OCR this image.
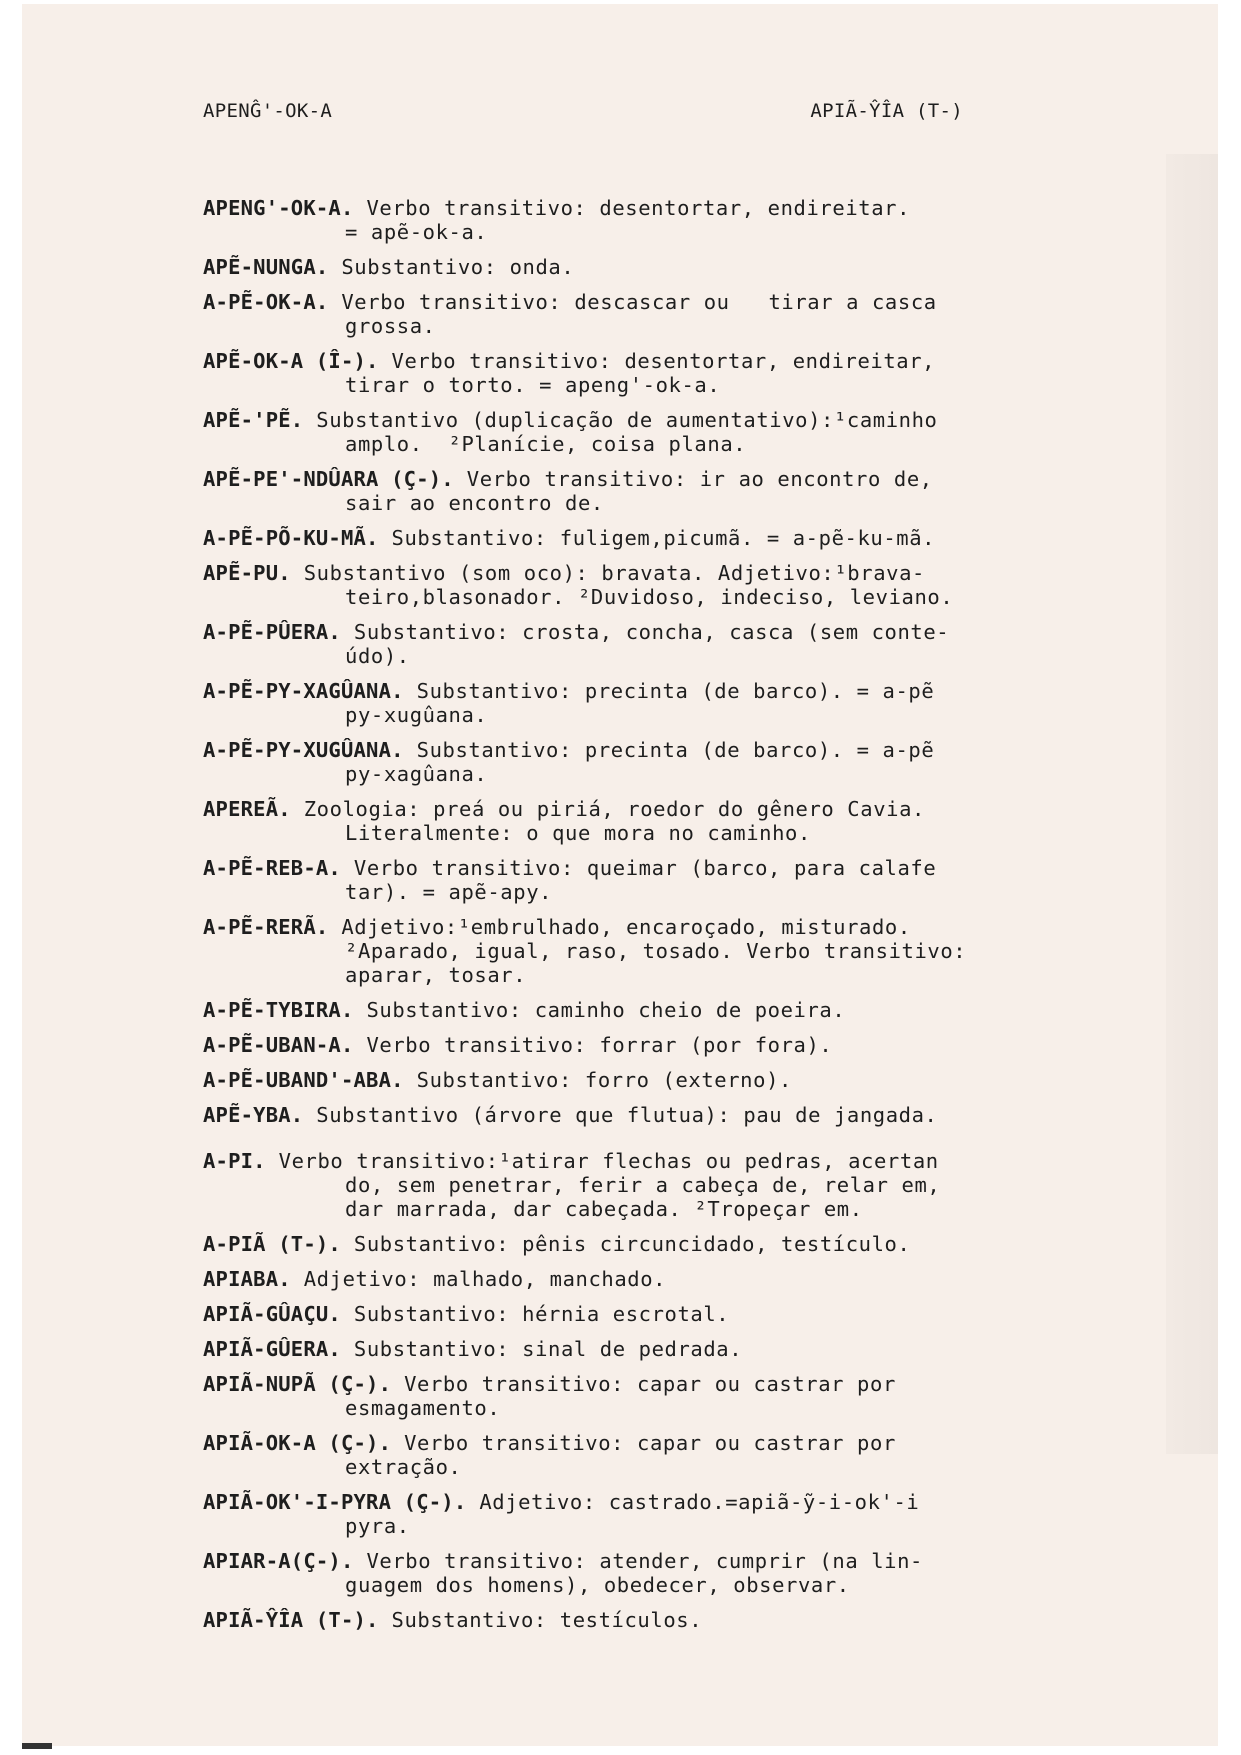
APENĜ'-OK-A	APIÃ-ŶÎA (T-)
APENG'-OK-A. Verbo transitivo: desentortar, endireitar.
= apẽ-ok-a.
APẼ-NUNGA. Substantivo: onda.
A-PẼ-OK-A. Verbo transitivo: descascar ou   tirar a casca
grossa.
APẼ-OK-A (Î-). Verbo transitivo: desentortar, endireitar,
tirar o torto. = apeng'-ok-a.
APẼ-'PẼ. Substantivo (duplicação de aumentativo):¹caminho
amplo.  ²Planície, coisa plana.
APẼ-PE'-NDÛARA (Ç-). Verbo transitivo: ir ao encontro de,
sair ao encontro de.
A-PẼ-PÕ-KU-MÃ. Substantivo: fuligem,picumã. = a-pẽ-ku-mã.
APẼ-PU. Substantivo (som oco): bravata. Adjetivo:¹brava-
teiro,blasonador. ²Duvidoso, indeciso, leviano.
A-PẼ-PÛERA. Substantivo: crosta, concha, casca (sem conte-
údo).
A-PẼ-PY-XAGÛANA. Substantivo: precinta (de barco). = a-pẽ
py-xugûana.
A-PẼ-PY-XUGÛANA. Substantivo: precinta (de barco). = a-pẽ
py-xagûana.
APEREÃ. Zoologia: preá ou piriá, roedor do gênero Cavia.
Literalmente: o que mora no caminho.
A-PẼ-REB-A. Verbo transitivo: queimar (barco, para calafe
tar). = apẽ-apy.
A-PẼ-RERÃ. Adjetivo:¹embrulhado, encaroçado, misturado.
²Aparado, igual, raso, tosado. Verbo transitivo:
aparar, tosar.
A-PẼ-TYBIRA. Substantivo: caminho cheio de poeira.
A-PẼ-UBAN-A. Verbo transitivo: forrar (por fora).
A-PẼ-UBAND'-ABA. Substantivo: forro (externo).
APẼ-YBA. Substantivo (árvore que flutua): pau de jangada.
A-PI. Verbo transitivo:¹atirar flechas ou pedras, acertan
do, sem penetrar, ferir a cabeça de, relar em,
dar marrada, dar cabeçada. ²Tropeçar em.
A-PIÃ (T-). Substantivo: pênis circuncidado, testículo.
APIABA. Adjetivo: malhado, manchado.
APIÃ-GÛAÇU. Substantivo: hérnia escrotal.
APIÃ-GÛERA. Substantivo: sinal de pedrada.
APIÃ-NUPÃ (Ç-). Verbo transitivo: capar ou castrar por
esmagamento.
APIÃ-OK-A (Ç-). Verbo transitivo: capar ou castrar por
extração.
APIÃ-OK'-I-PYRA (Ç-). Adjetivo: castrado.=apiã-ỹ-i-ok'-i
pyra.
APIAR-A(Ç-). Verbo transitivo: atender, cumprir (na lin-
guagem dos homens), obedecer, observar.
APIÃ-ŶÎA (T-). Substantivo: testículos.
